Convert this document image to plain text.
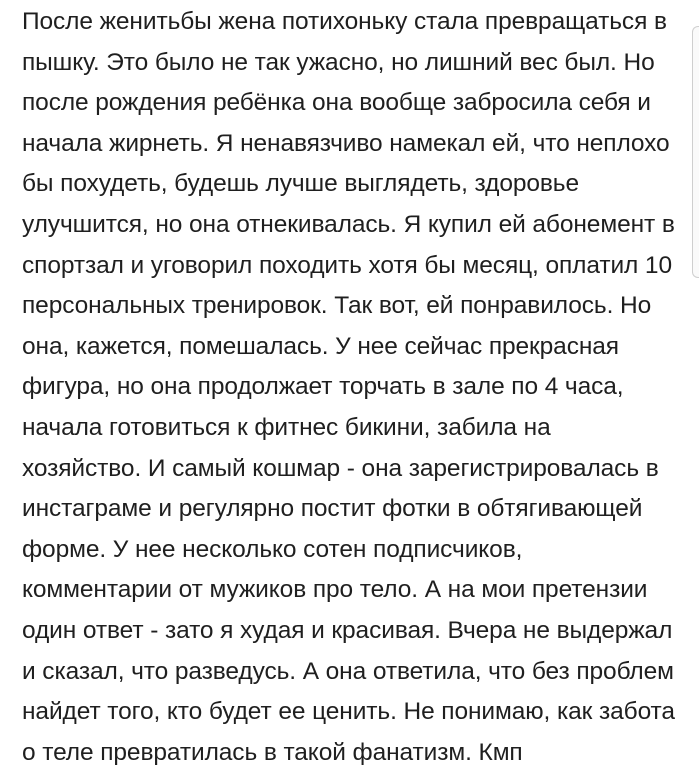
После женитьбы жена потихоньку стала превращаться в
пышку. Это было не так ужасно, но лишний вес был. Но
после рождения ребёнка она вообще забросила себя и
начала жирнеть. Я ненавязчиво намекал ей, что неплохо
бы похудеть, будешь лучше выглядеть, здоровье
улучшится, но она отнекивалась. Я купил ей абонемент в
спортзал и уговорил походить хотя бы месяц, оплатил 10
персональных тренировок. Так вот, ей понравилось. Но
она, кажется, помешалась. У нее сейчас прекрасная
фигура, но она продолжает торчать в зале по 4 часа,
начала готовиться к фитнес бикини, забила на
хозяйство. И самый кошмар - она зарегистрировалась в
инстаграме и регулярно постит фотки в обтягивающей
форме. У нее несколько сотен подписчиков,
комментарии от мужиков про тело. А на мои претензии
один ответ - зато я худая и красивая. Вчера не выдержал
и сказал, что разведусь. А она ответила, что без проблем
найдет того, кто будет ее ценить. Не понимаю, как забота
о теле превратилась в такой фанатизм. Кмп
